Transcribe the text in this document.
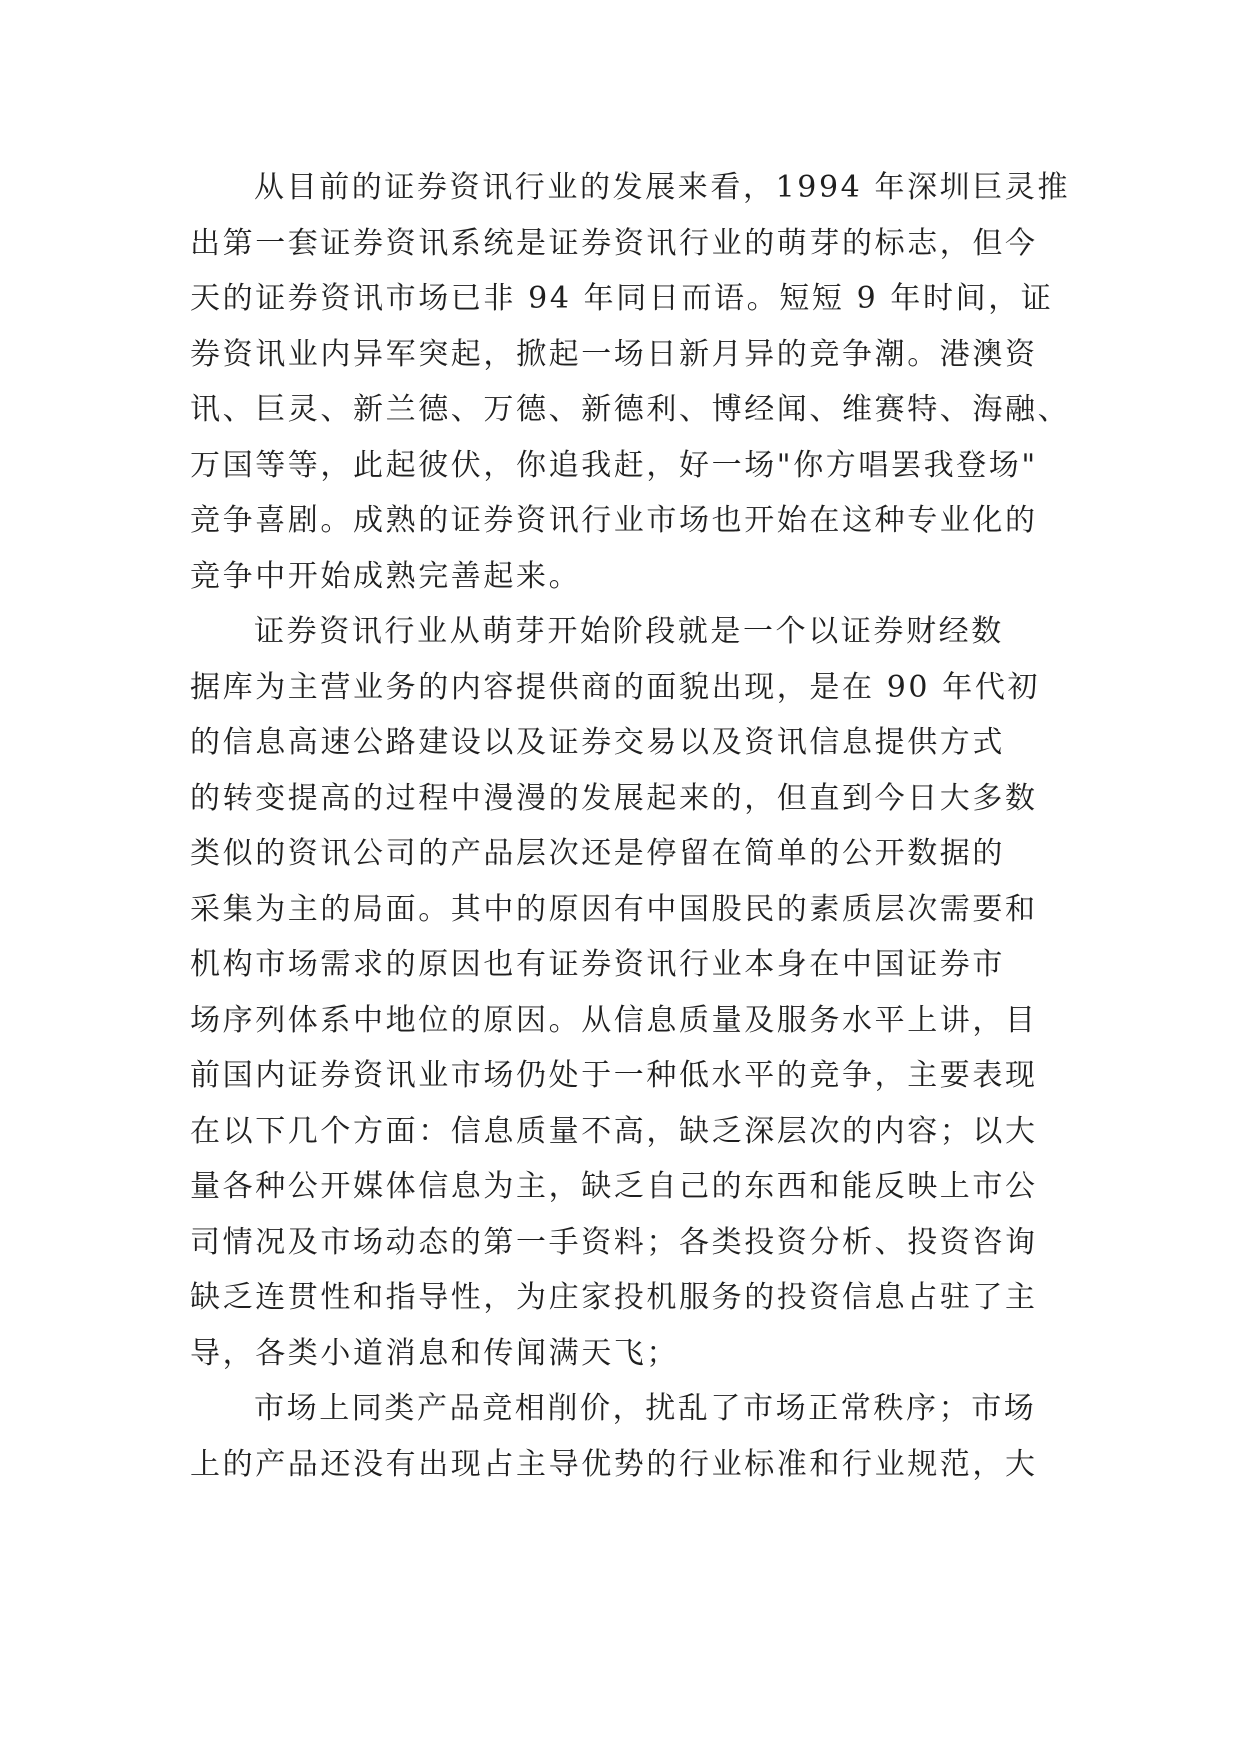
从目前的证券资讯行业的发展来看，1994 年深圳巨灵推
出第一套证券资讯系统是证券资讯行业的萌芽的标志，但今
天的证券资讯市场已非 94 年同日而语。短短 9 年时间，证
券资讯业内异军突起，掀起一场日新月异的竞争潮。港澳资
讯、巨灵、新兰德、万德、新德利、博经闻、维赛特、海融、
万国等等，此起彼伏，你追我赶，好一场"你方唱罢我登场"
竞争喜剧。成熟的证券资讯行业市场也开始在这种专业化的
竞争中开始成熟完善起来。
证券资讯行业从萌芽开始阶段就是一个以证券财经数
据库为主营业务的内容提供商的面貌出现，是在 90 年代初
的信息高速公路建设以及证券交易以及资讯信息提供方式
的转变提高的过程中漫漫的发展起来的，但直到今日大多数
类似的资讯公司的产品层次还是停留在简单的公开数据的
采集为主的局面。其中的原因有中国股民的素质层次需要和
机构市场需求的原因也有证券资讯行业本身在中国证券市
场序列体系中地位的原因。从信息质量及服务水平上讲，目
前国内证券资讯业市场仍处于一种低水平的竞争，主要表现
在以下几个方面：信息质量不高，缺乏深层次的内容；以大
量各种公开媒体信息为主，缺乏自己的东西和能反映上市公
司情况及市场动态的第一手资料；各类投资分析、投资咨询
缺乏连贯性和指导性，为庄家投机服务的投资信息占驻了主
导，各类小道消息和传闻满天飞；
市场上同类产品竞相削价，扰乱了市场正常秩序；市场
上的产品还没有出现占主导优势的行业标准和行业规范，大
